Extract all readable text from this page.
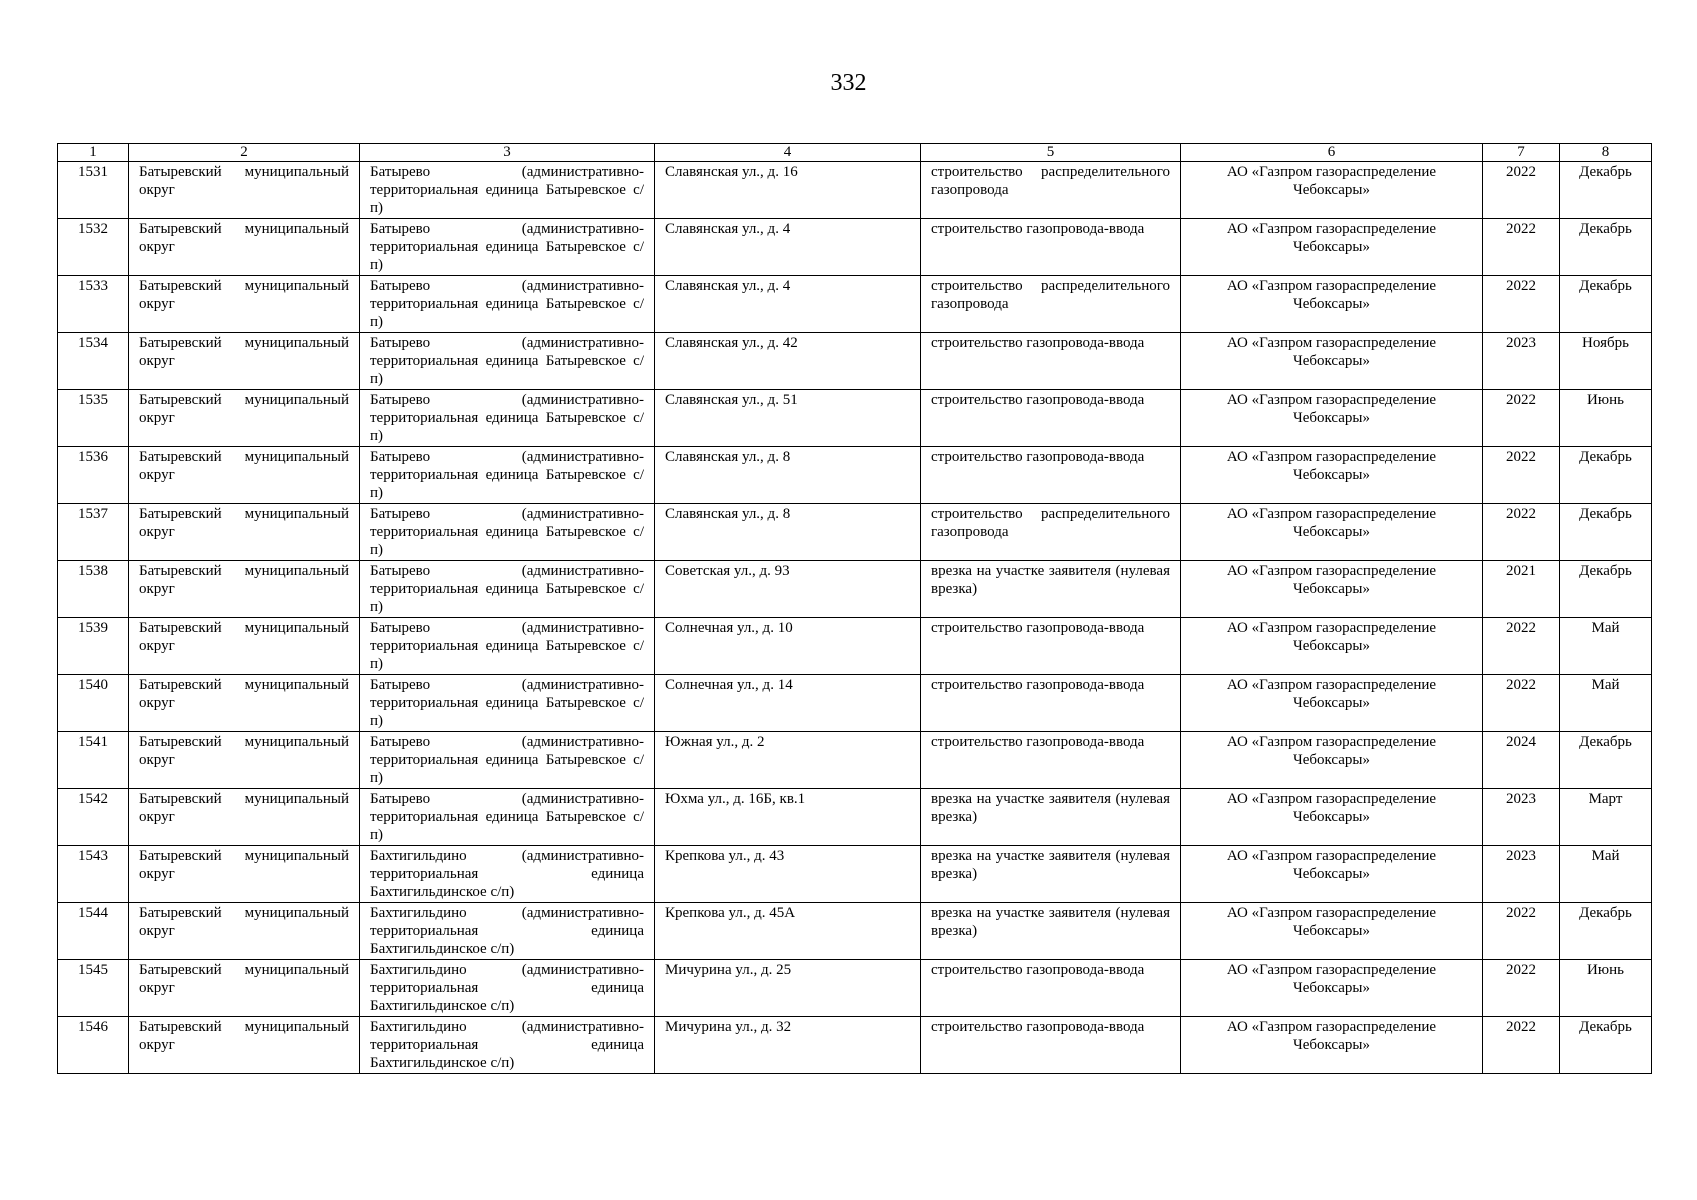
332
1	2	3	4	5	6	7	8
1531	Батыревский муниципальный округ	Батырево (административно-территориальная единица Батыревское с/п)	Славянская ул., д. 16	строительство распределительного газопровода	АО «Газпром газораспределение Чебоксары»	2022	Декабрь
1532	Батыревский муниципальный округ	Батырево (административно-территориальная единица Батыревское с/п)	Славянская ул., д. 4	строительство газопровода-ввода	АО «Газпром газораспределение Чебоксары»	2022	Декабрь
1533	Батыревский муниципальный округ	Батырево (административно-территориальная единица Батыревское с/п)	Славянская ул., д. 4	строительство распределительного газопровода	АО «Газпром газораспределение Чебоксары»	2022	Декабрь
1534	Батыревский муниципальный округ	Батырево (административно-территориальная единица Батыревское с/п)	Славянская ул., д. 42	строительство газопровода-ввода	АО «Газпром газораспределение Чебоксары»	2023	Ноябрь
1535	Батыревский муниципальный округ	Батырево (административно-территориальная единица Батыревское с/п)	Славянская ул., д. 51	строительство газопровода-ввода	АО «Газпром газораспределение Чебоксары»	2022	Июнь
1536	Батыревский муниципальный округ	Батырево (административно-территориальная единица Батыревское с/п)	Славянская ул., д. 8	строительство газопровода-ввода	АО «Газпром газораспределение Чебоксары»	2022	Декабрь
1537	Батыревский муниципальный округ	Батырево (административно-территориальная единица Батыревское с/п)	Славянская ул., д. 8	строительство распределительного газопровода	АО «Газпром газораспределение Чебоксары»	2022	Декабрь
1538	Батыревский муниципальный округ	Батырево (административно-территориальная единица Батыревское с/п)	Советская ул., д. 93	врезка на участке заявителя (нулевая врезка)	АО «Газпром газораспределение Чебоксары»	2021	Декабрь
1539	Батыревский муниципальный округ	Батырево (административно-территориальная единица Батыревское с/п)	Солнечная ул., д. 10	строительство газопровода-ввода	АО «Газпром газораспределение Чебоксары»	2022	Май
1540	Батыревский муниципальный округ	Батырево (административно-территориальная единица Батыревское с/п)	Солнечная ул., д. 14	строительство газопровода-ввода	АО «Газпром газораспределение Чебоксары»	2022	Май
1541	Батыревский муниципальный округ	Батырево (административно-территориальная единица Батыревское с/п)	Южная ул., д. 2	строительство газопровода-ввода	АО «Газпром газораспределение Чебоксары»	2024	Декабрь
1542	Батыревский муниципальный округ	Батырево (административно-территориальная единица Батыревское с/п)	Юхма ул., д. 16Б, кв.1	врезка на участке заявителя (нулевая врезка)	АО «Газпром газораспределение Чебоксары»	2023	Март
1543	Батыревский муниципальный округ	Бахтигильдино (административно-территориальная единица Бахтигильдинское с/п)	Крепкова ул., д. 43	врезка на участке заявителя (нулевая врезка)	АО «Газпром газораспределение Чебоксары»	2023	Май
1544	Батыревский муниципальный округ	Бахтигильдино (административно-территориальная единица Бахтигильдинское с/п)	Крепкова ул., д. 45А	врезка на участке заявителя (нулевая врезка)	АО «Газпром газораспределение Чебоксары»	2022	Декабрь
1545	Батыревский муниципальный округ	Бахтигильдино (административно-территориальная единица Бахтигильдинское с/п)	Мичурина ул., д. 25	строительство газопровода-ввода	АО «Газпром газораспределение Чебоксары»	2022	Июнь
1546	Батыревский муниципальный округ	Бахтигильдино (административно-территориальная единица Бахтигильдинское с/п)	Мичурина ул., д. 32	строительство газопровода-ввода	АО «Газпром газораспределение Чебоксары»	2022	Декабрь
